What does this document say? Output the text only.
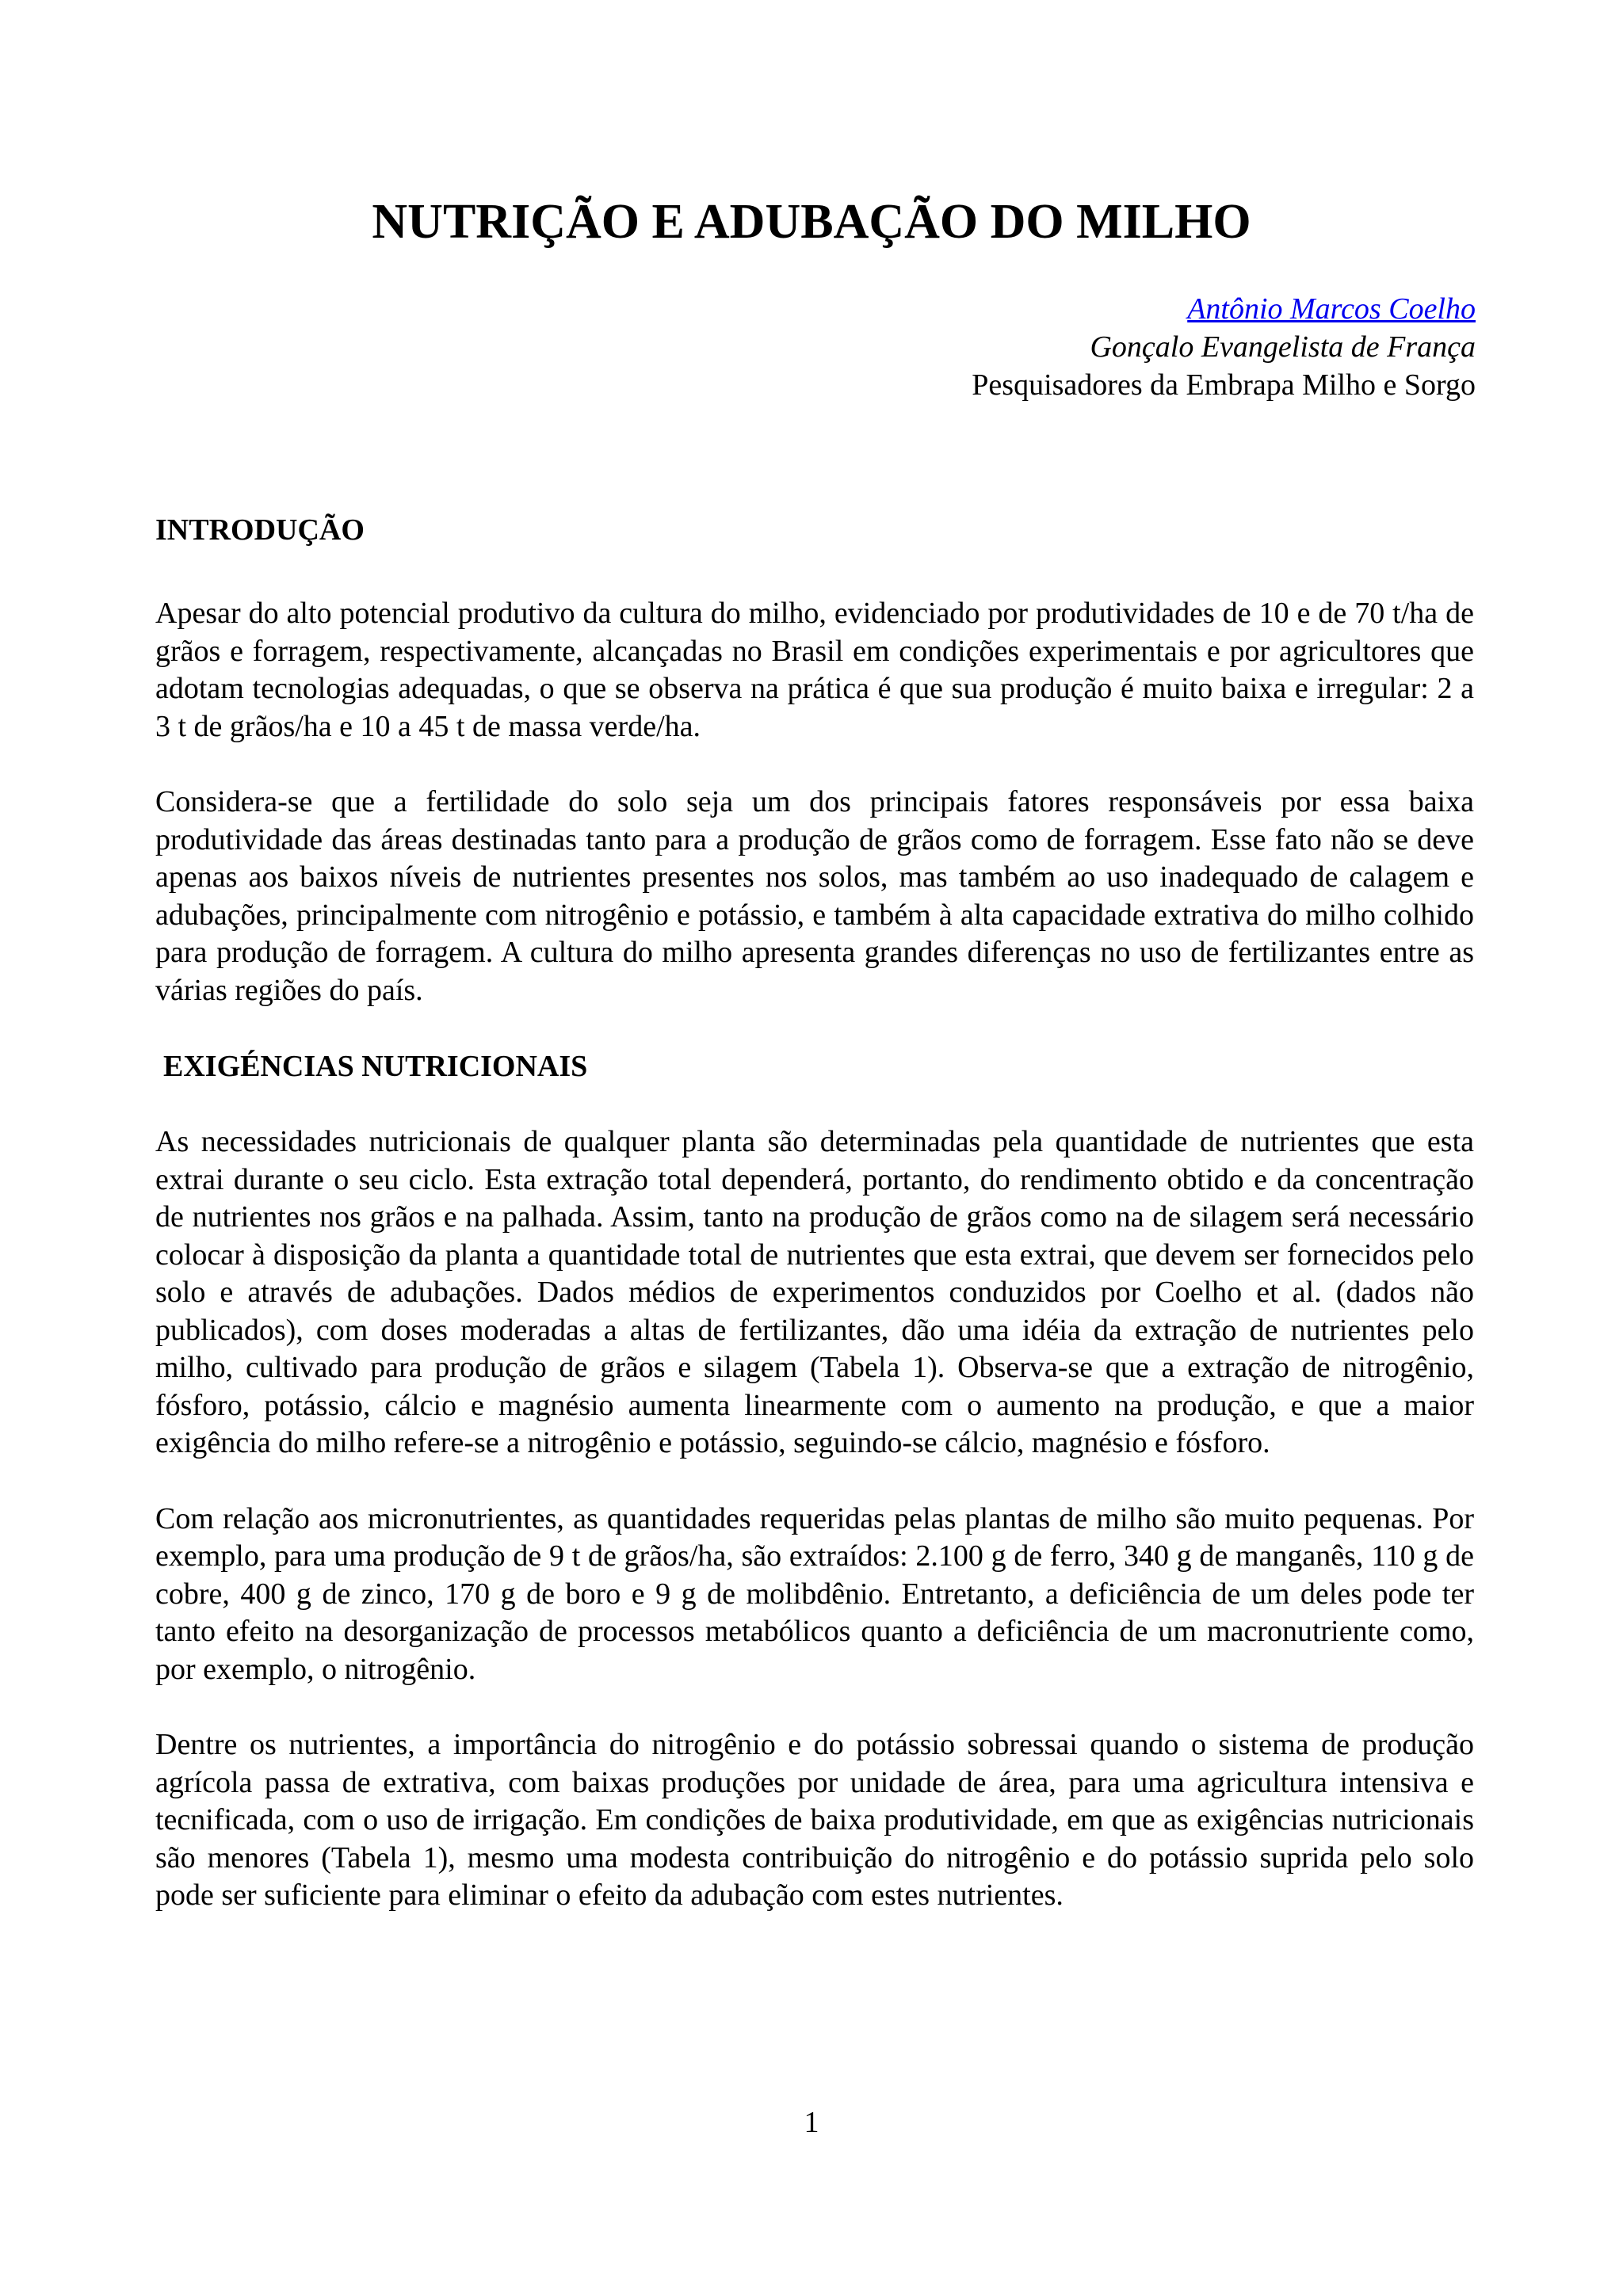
NUTRIÇÃO E ADUBAÇÃO DO MILHO
Antônio Marcos Coelho
Gonçalo Evangelista de França
Pesquisadores da Embrapa Milho e Sorgo
INTRODUÇÃO

Apesar do alto potencial produtivo da cultura do milho, evidenciado por produtividades de 10 e de 70 t/ha de grãos e forragem, respectivamente, alcançadas no Brasil em condições experimentais e por agricultores que adotam tecnologias adequadas, o que se observa na prática é que sua produção é muito baixa e irregular: 2 a 3 t de grãos/ha e 10 a 45 t de massa verde/ha.

Considera-se que a fertilidade do solo seja um dos principais fatores responsáveis por essa baixa produtividade das áreas destinadas tanto para a produção de grãos como de forragem. Esse fato não se deve apenas aos baixos níveis de nutrientes presentes nos solos, mas também ao uso inadequado de calagem e adubações, principalmente com nitrogênio e potássio, e também à alta capacidade extrativa do milho colhido para produção de forragem. A cultura do milho apresenta grandes diferenças no uso de fertilizantes entre as várias regiões do país.

EXIGÉNCIAS NUTRICIONAIS

As necessidades nutricionais de qualquer planta são determinadas pela quantidade de nutrientes que esta extrai durante o seu ciclo. Esta extração total dependerá, portanto, do rendimento obtido e da concentração de nutrientes nos grãos e na palhada. Assim, tanto na produção de grãos como na de silagem será necessário colocar à disposição da planta a quantidade total de nutrientes que esta extrai, que devem ser fornecidos pelo solo e através de adubações. Dados médios de experimentos conduzidos por Coelho et al. (dados não publicados), com doses moderadas a altas de fertilizantes, dão uma idéia da extração de nutrientes pelo milho, cultivado para produção de grãos e silagem (Tabela 1). Observa-se que a extração de nitrogênio, fósforo, potássio, cálcio e magnésio aumenta linearmente com o aumento na produção, e que a maior exigência do milho refere-se a nitrogênio e potássio, seguindo-se cálcio, magnésio e fósforo.

Com relação aos micronutrientes, as quantidades requeridas pelas plantas de milho são muito pequenas. Por exemplo, para uma produção de 9 t de grãos/ha, são extraídos: 2.100 g de ferro, 340 g de manganês, 110 g de cobre, 400 g de zinco, 170 g de boro e 9 g de molibdênio. Entretanto, a deficiência de um deles pode ter tanto efeito na desorganização de processos metabólicos quanto a deficiência de um macronutriente como, por exemplo, o nitrogênio.

Dentre os nutrientes, a importância do nitrogênio e do potássio sobressai quando o sistema de produção agrícola passa de extrativa, com baixas produções por unidade de área, para uma agricultura intensiva e tecnificada, com o uso de irrigação. Em condições de baixa produtividade, em que as exigências nutricionais são menores (Tabela 1), mesmo uma modesta contribuição do nitrogênio e do potássio suprida pelo solo pode ser suficiente para eliminar o efeito da adubação com estes nutrientes.

1
